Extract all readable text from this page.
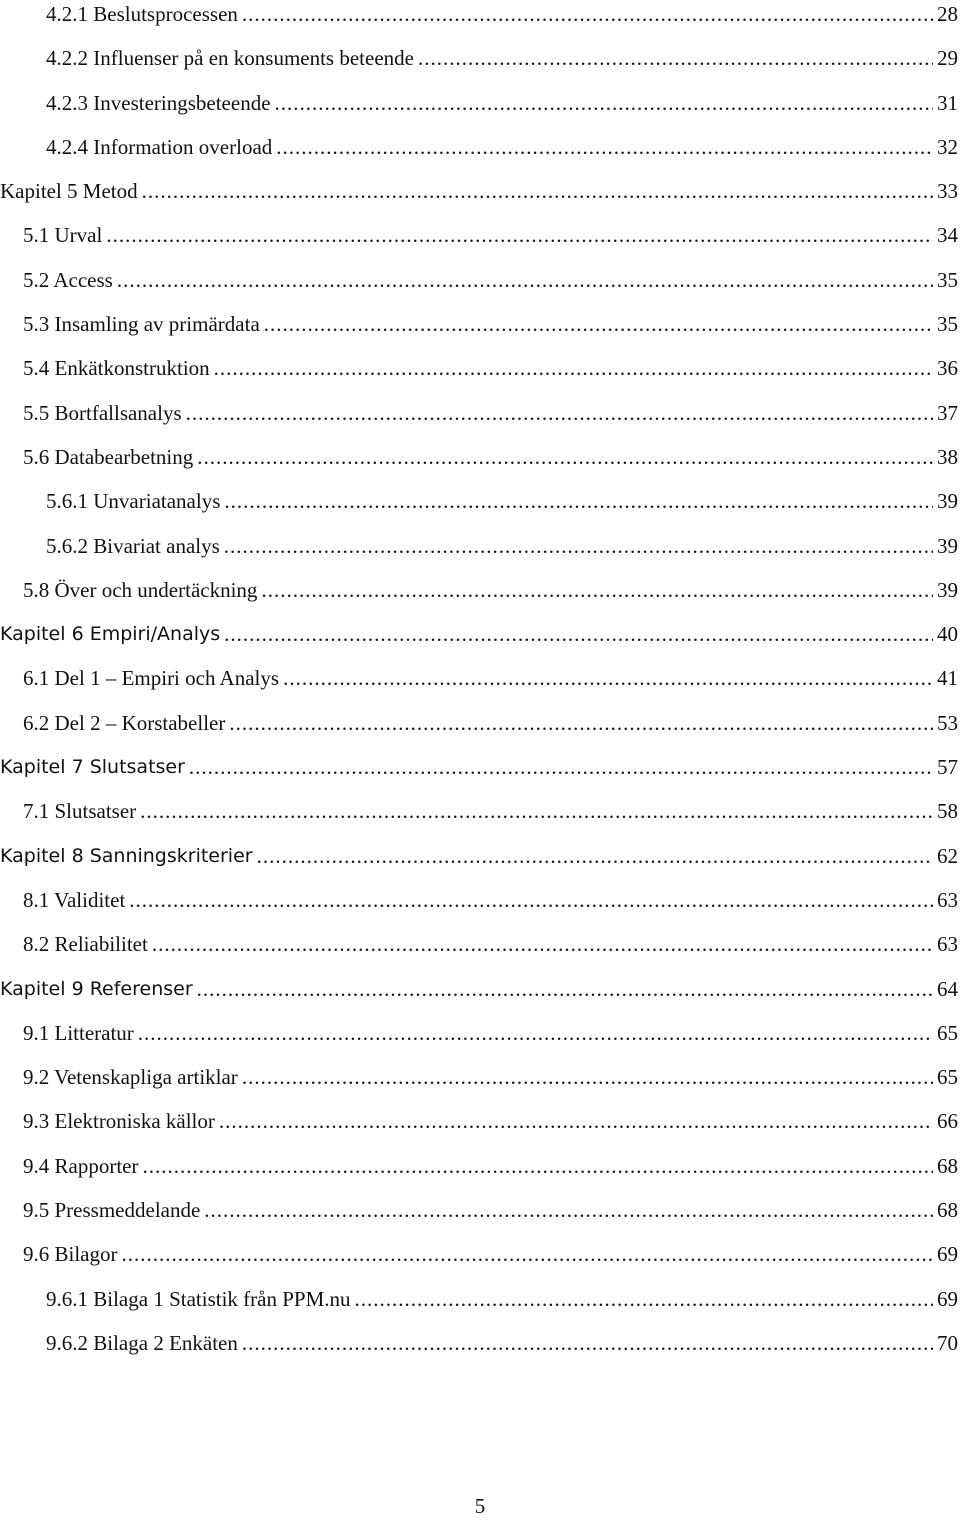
4.2.1 Beslutsprocessen .....	28
4.2.2 Influenser på en konsuments beteende .....	29
4.2.3 Investeringsbeteende .....	31
4.2.4 Information overload .....	32
Kapitel 5 Metod .....	33
5.1 Urval .....	34
5.2 Access .....	35
5.3 Insamling av primärdata .....	35
5.4 Enkätkonstruktion .....	36
5.5 Bortfallsanalys .....	37
5.6 Databearbetning .....	38
5.6.1 Unvariatanalys .....	39
5.6.2 Bivariat analys .....	39
5.8 Över och undertäckning .....	39
Kapitel 6 Empiri/Analys .....	40
6.1 Del 1 – Empiri och Analys .....	41
6.2 Del 2 – Korstabeller .....	53
Kapitel 7 Slutsatser .....	57
7.1 Slutsatser .....	58
Kapitel 8 Sanningskriterier .....	62
8.1 Validitet .....	63
8.2 Reliabilitet .....	63
Kapitel 9 Referenser .....	64
9.1 Litteratur .....	65
9.2 Vetenskapliga artiklar .....	65
9.3 Elektroniska källor .....	66
9.4 Rapporter .....	68
9.5 Pressmeddelande .....	68
9.6 Bilagor .....	69
9.6.1 Bilaga 1 Statistik från PPM.nu .....	69
9.6.2 Bilaga 2 Enkäten .....	70
5
